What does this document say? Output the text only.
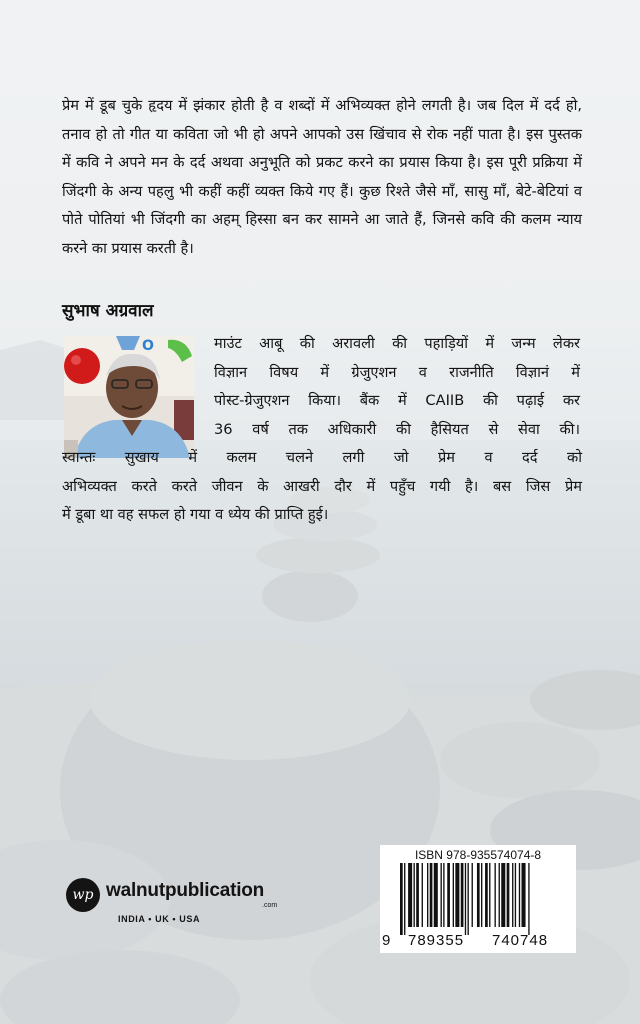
प्रेम में डूब चुके हृदय में झंकार होती है व शब्दों में अभिव्यक्त होने लगती है। जब दिल में दर्द हो, तनाव हो तो गीत या कविता जो भी हो अपने आपको उस खिंचाव से रोक नहीं पाता है। इस पुस्तक में कवि ने अपने मन के दर्द अथवा अनुभूति को प्रकट करने का प्रयास किया है। इस पूरी प्रक्रिया में जिंदगी के अन्य पहलु भी कहीं कहीं व्यक्त किये गए हैं। कुछ रिश्ते जैसे माँ, सासु माँ, बेटे-बेटियां व पोते पोतियां भी जिंदगी का अहम् हिस्सा बन कर सामने आ जाते हैं, जिनसे कवि की कलम न्याय करने का प्रयास करती है।

सुभाष अग्रवाल
O	माउंट आबू की अरावली की पहाड़ियों में जन्म लेकर
विज्ञान विषय में ग्रेजुएशन व राजनीति विज्ञानं में
पोस्ट-ग्रेजुएशन किया। बैंक में CAIIB की पढ़ाई कर
36 वर्ष तक अधिकारी की हैसियत से सेवा की।
स्वान्तः सुखाय में कलम चलने लगी जो प्रेम व दर्द को
अभिव्यक्त करते करते जीवन के आखरी दौर में पहुँच गयी है। बस जिस प्रेम
में डूबा था वह सफल हो गया व ध्येय की प्राप्ति हुई।
wp walnutpublication
.com
INDIA • UK • USA
ISBN 978-935574074-8
9 789355 740748
